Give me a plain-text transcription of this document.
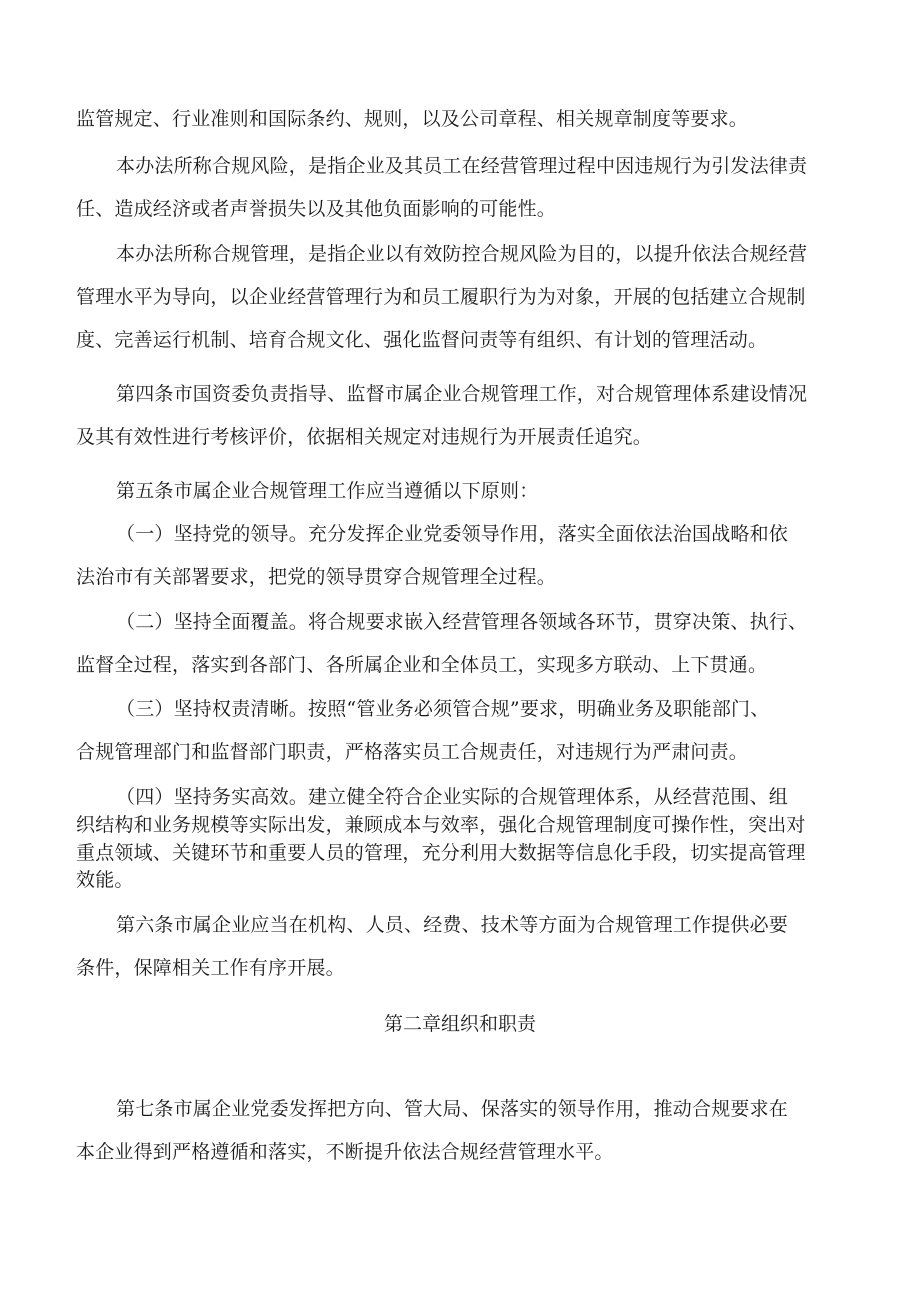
监管规定、行业准则和国际条约、规则，以及公司章程、相关规章制度等要求。
本办法所称合规风险，是指企业及其员工在经营管理过程中因违规行为引发法律责
任、造成经济或者声誉损失以及其他负面影响的可能性。
本办法所称合规管理，是指企业以有效防控合规风险为目的，以提升依法合规经营
管理水平为导向，以企业经营管理行为和员工履职行为为对象，开展的包括建立合规制
度、完善运行机制、培育合规文化、强化监督问责等有组织、有计划的管理活动。
第四条市国资委负责指导、监督市属企业合规管理工作，对合规管理体系建设情况
及其有效性进行考核评价，依据相关规定对违规行为开展责任追究。
第五条市属企业合规管理工作应当遵循以下原则：
（一）坚持党的领导。充分发挥企业党委领导作用，落实全面依法治国战略和依
法治市有关部署要求，把党的领导贯穿合规管理全过程。
（二）坚持全面覆盖。将合规要求嵌入经营管理各领域各环节，贯穿决策、执行、
监督全过程，落实到各部门、各所属企业和全体员工，实现多方联动、上下贯通。
（三）坚持权责清晰。按照“管业务必须管合规”要求，明确业务及职能部门、
合规管理部门和监督部门职责，严格落实员工合规责任，对违规行为严肃问责。
（四）坚持务实高效。建立健全符合企业实际的合规管理体系，从经营范围、组
织结构和业务规模等实际出发，兼顾成本与效率，强化合规管理制度可操作性，突出对
重点领域、关键环节和重要人员的管理，充分利用大数据等信息化手段，切实提高管理
效能。
第六条市属企业应当在机构、人员、经费、技术等方面为合规管理工作提供必要
条件，保障相关工作有序开展。
第二章组织和职责
第七条市属企业党委发挥把方向、管大局、保落实的领导作用，推动合规要求在
本企业得到严格遵循和落实，不断提升依法合规经营管理水平。
